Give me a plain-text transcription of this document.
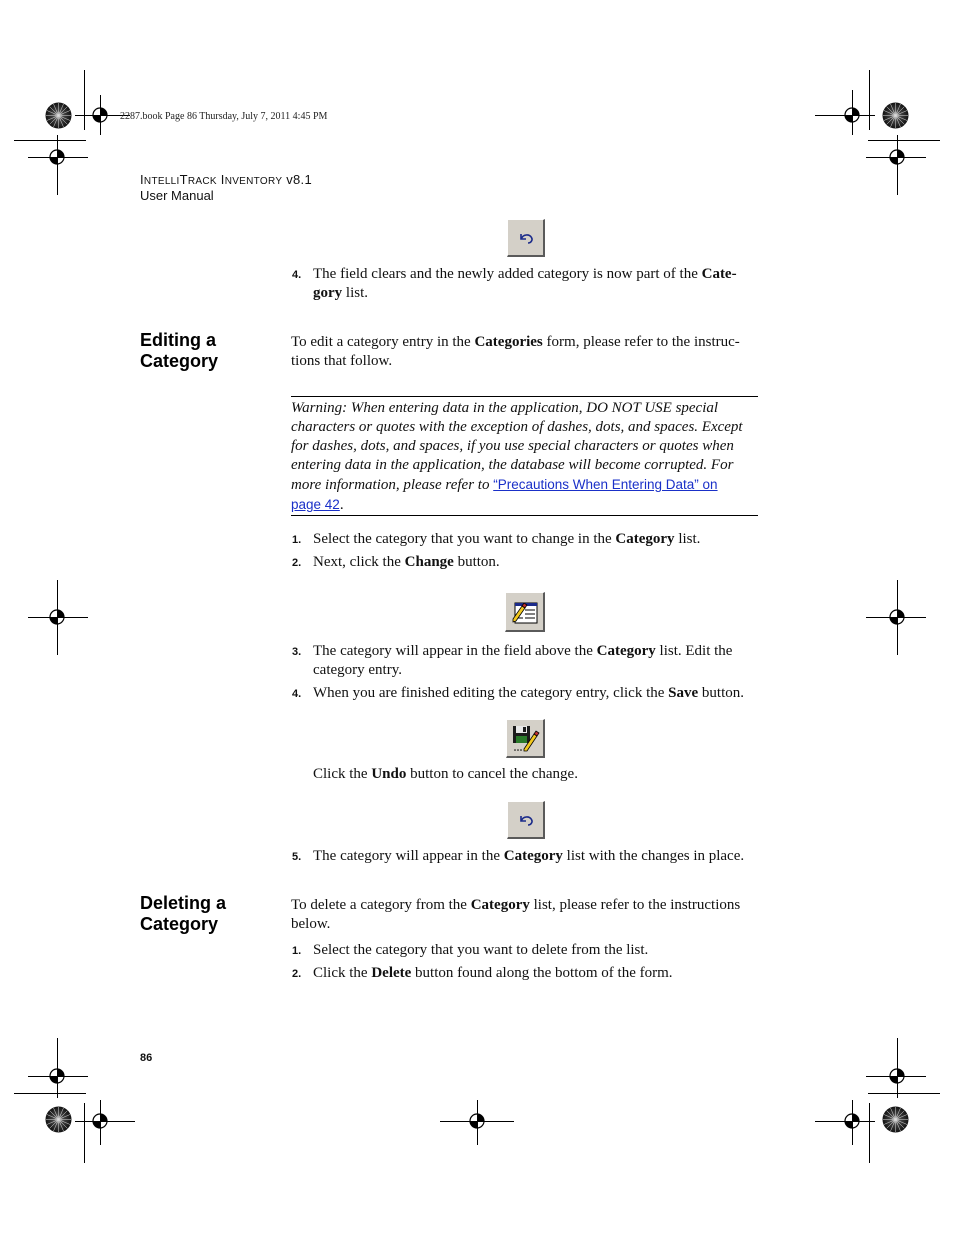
2287.book Page 86 Thursday, July 7, 2011 4:45 PM
INTELLITRACK INVENTORY v8.1
User Manual
4. The field clears and the newly added category is now part of the Cate-
gory list.
Editing a
Category
To edit a category entry in the Categories form, please refer to the instruc-
tions that follow.
Warning: When entering data in the application, DO NOT USE special
characters or quotes with the exception of dashes, dots, and spaces. Except
for dashes, dots, and spaces, if you use special characters or quotes when
entering data in the application, the database will become corrupted. For
more information, please refer to “Precautions When Entering Data” on
page 42.
1. Select the category that you want to change in the Category list.
2. Next, click the Change button.
3. The category will appear in the field above the Category list. Edit the
category entry.
4. When you are finished editing the category entry, click the Save button.
Click the Undo button to cancel the change.
5. The category will appear in the Category list with the changes in place.
Deleting a
Category
To delete a category from the Category list, please refer to the instructions
below.
1. Select the category that you want to delete from the list.
2. Click the Delete button found along the bottom of the form.
86
